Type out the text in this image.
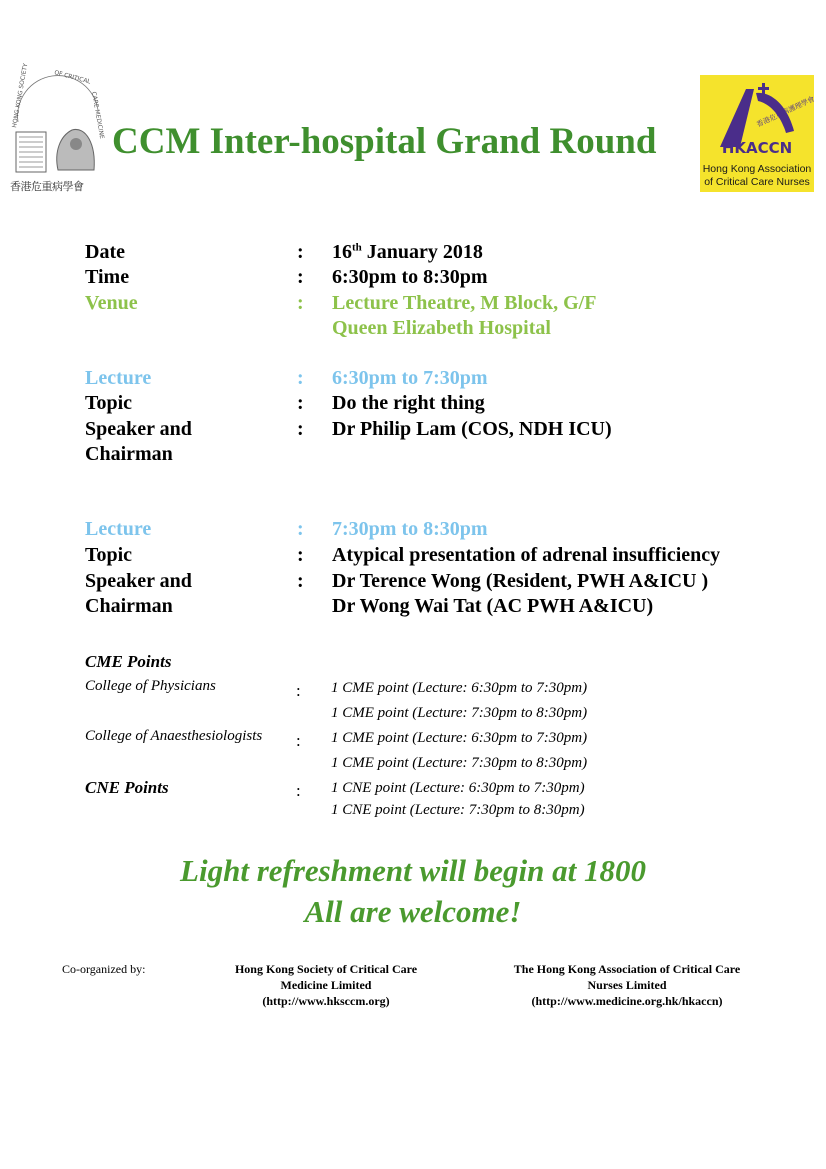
HONG KONG SOCIETY	OF CRITICAL
CARE MEDICINE
香港危重病學會
CCM Inter-hospital Grand Round	HKACCN
香港危重病護理學會
Hong Kong Association
of Critical Care Nurses
Date	: 16th January 2018
Time	: 6:30pm to 8:30pm
Venue	: Lecture Theatre, M Block, G/F
Queen Elizabeth Hospital
Lecture	: 6:30pm to 7:30pm
Topic	: Do the right thing
Speaker and	: Dr Philip Lam (COS, NDH ICU)
Chairman
Lecture	: 7:30pm to 8:30pm
Topic	: Atypical presentation of adrenal insufficiency
Speaker and	: Dr Terence Wong (Resident, PWH A&ICU )
Chairman	Dr Wong Wai Tat (AC PWH A&ICU)
CME Points
College of Physicians	: 1 CME point (Lecture: 6:30pm to 7:30pm)
1 CME point (Lecture: 7:30pm to 8:30pm)
College of Anaesthesiologists : 1 CME point (Lecture: 6:30pm to 7:30pm)
1 CME point (Lecture: 7:30pm to 8:30pm)
CNE Points	: 1 CNE point (Lecture: 6:30pm to 7:30pm)
1 CNE point (Lecture: 7:30pm to 8:30pm)
Light refreshment will begin at 1800
All are welcome!
Co-organized by:	Hong Kong Society of Critical Care
Medicine Limited
(http://www.hksccm.org)
The Hong Kong Association of Critical Care
Nurses Limited
(http://www.medicine.org.hk/hkaccn)
